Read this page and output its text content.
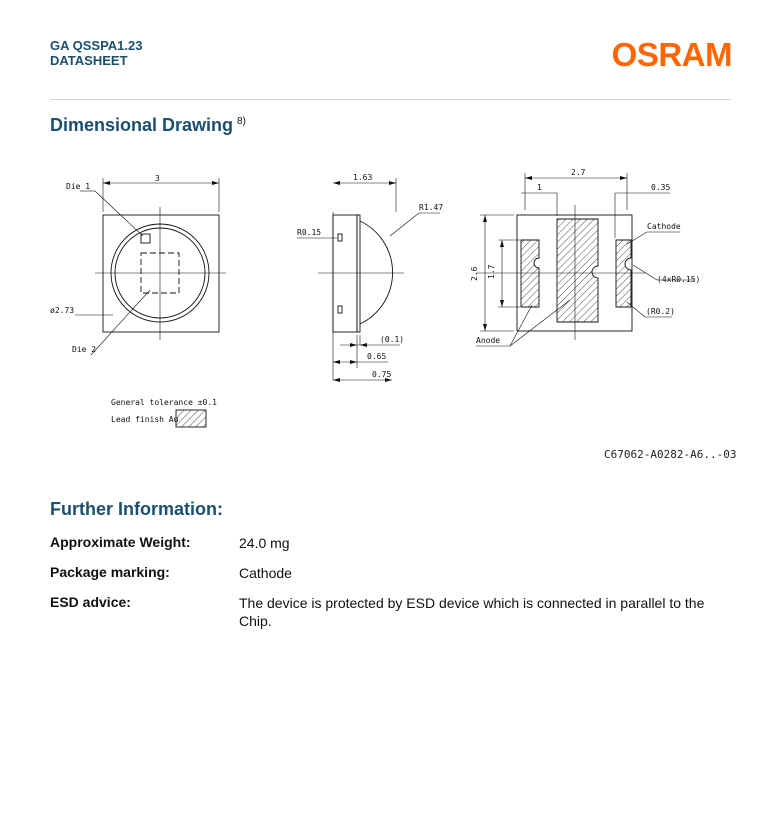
GA QSSPA1.23
DATASHEET	OSRAM
Dimensional Drawing $^{8)}$
Die 1
Die 2
3
ø2.73
1.63
R0.15
R1.47
(0.1)
0.65
0.75
2.7
1	0.35
Cathode
2.6 1.7
(4xR0.15)
(R0.2)
Anode
General tolerance ±0.1
Lead finish Au
C67062-A0282-A6..-03
Further Information:
Approximate Weight:	24.0 mg
Package marking:	Cathode
ESD advice:	The device is protected by ESD device which is connected in parallel to the Chip.
